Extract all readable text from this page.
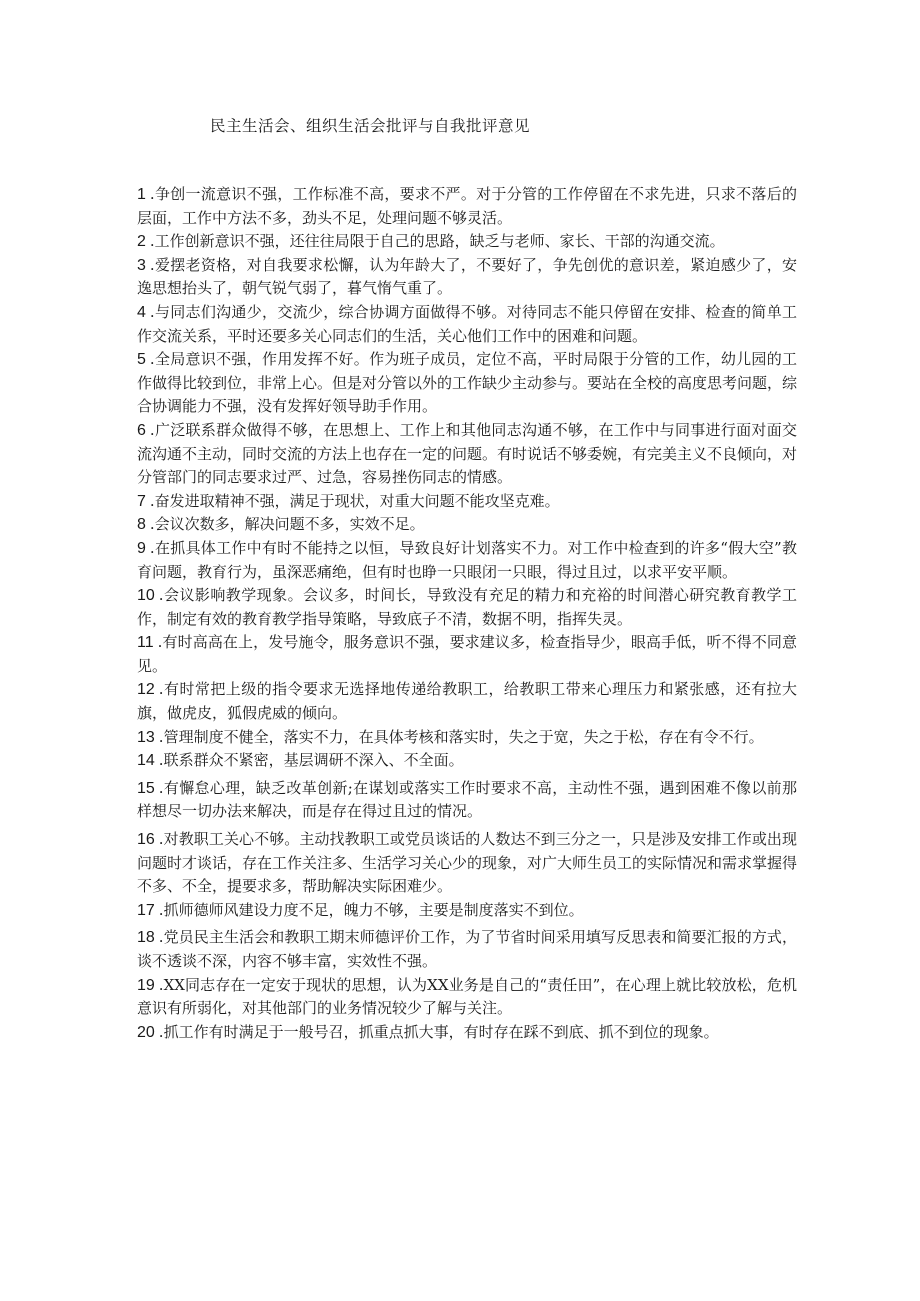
民主生活会、组织生活会批评与自我批评意见
1 .争创一流意识不强，工作标准不高，要求不严。对于分管的工作停留在不求先进，只求不落后的层面，工作中方法不多，劲头不足，处理问题不够灵活。
2 .工作创新意识不强，还往往局限于自己的思路，缺乏与老师、家长、干部的沟通交流。
3 .爱摆老资格，对自我要求松懈，认为年龄大了，不要好了，争先创优的意识差，紧迫感少了，安逸思想抬头了，朝气锐气弱了，暮气惰气重了。
4 .与同志们沟通少，交流少，综合协调方面做得不够。对待同志不能只停留在安排、检查的简单工作交流关系，平时还要多关心同志们的生活，关心他们工作中的困难和问题。
5 .全局意识不强，作用发挥不好。作为班子成员，定位不高，平时局限于分管的工作，幼儿园的工作做得比较到位，非常上心。但是对分管以外的工作缺少主动参与。要站在全校的高度思考问题，综合协调能力不强，没有发挥好领导助手作用。
6 .广泛联系群众做得不够，在思想上、工作上和其他同志沟通不够，在工作中与同事进行面对面交流沟通不主动，同时交流的方法上也存在一定的问题。有时说话不够委婉，有完美主义不良倾向，对分管部门的同志要求过严、过急，容易挫伤同志的情感。
7 .奋发进取精神不强，满足于现状，对重大问题不能攻坚克难。
8 .会议次数多，解决问题不多，实效不足。
9 .在抓具体工作中有时不能持之以恒，导致良好计划落实不力。对工作中检查到的许多“假大空”教育问题，教育行为，虽深恶痛绝，但有时也睁一只眼闭一只眼，得过且过，以求平安平顺。
10 .会议影响教学现象。会议多，时间长，导致没有充足的精力和充裕的时间潜心研究教育教学工作，制定有效的教育教学指导策略，导致底子不清，数据不明，指挥失灵。
11 .有时高高在上，发号施令，服务意识不强，要求建议多，检查指导少，眼高手低，听不得不同意见。
12 .有时常把上级的指令要求无选择地传递给教职工，给教职工带来心理压力和紧张感，还有拉大旗，做虎皮，狐假虎威的倾向。
13 .管理制度不健全，落实不力，在具体考核和落实时，失之于宽，失之于松，存在有令不行。
14 .联系群众不紧密，基层调研不深入、不全面。
15 .有懈怠心理，缺乏改革创新;在谋划或落实工作时要求不高，主动性不强，遇到困难不像以前那样想尽一切办法来解决，而是存在得过且过的情况。
16 .对教职工关心不够。主动找教职工或党员谈话的人数达不到三分之一，只是涉及安排工作或出现问题时才谈话，存在工作关注多、生活学习关心少的现象，对广大师生员工的实际情况和需求掌握得不多、不全，提要求多，帮助解决实际困难少。
17 .抓师德师风建设力度不足，魄力不够，主要是制度落实不到位。
18 .党员民主生活会和教职工期末师德评价工作，为了节省时间采用填写反思表和简要汇报的方式，谈不透谈不深，内容不够丰富，实效性不强。
19 .XX同志存在一定安于现状的思想，认为XX业务是自己的“责任田”，在心理上就比较放松，危机意识有所弱化，对其他部门的业务情况较少了解与关注。
20 .抓工作有时满足于一般号召，抓重点抓大事，有时存在踩不到底、抓不到位的现象。
